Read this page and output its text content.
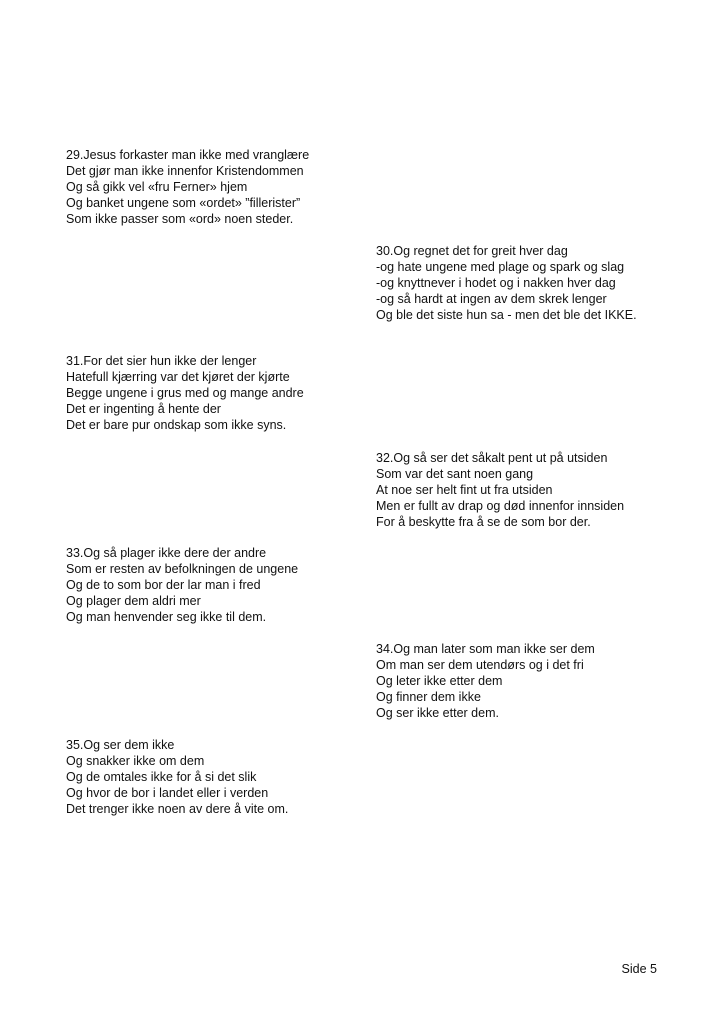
29.Jesus forkaster man ikke med vranglære
Det gjør man ikke innenfor Kristendommen
Og så gikk vel «fru Ferner» hjem
Og banket ungene som «ordet» ”fillerister”
Som ikke passer som «ord» noen steder.
30.Og regnet det for greit hver dag
-og hate ungene med plage og spark og slag
-og knyttnever i hodet og i nakken hver dag
-og så hardt at ingen av dem skrek lenger
Og ble det siste hun sa - men det ble det IKKE.
31.For det sier hun ikke der lenger
Hatefull kjærring var det kjøret der kjørte
Begge ungene i grus med og mange andre
Det er ingenting å hente der
Det er bare pur ondskap som ikke syns.
32.Og så ser det såkalt pent ut på utsiden
Som var det sant noen gang
At noe ser helt fint ut fra utsiden
Men er fullt av drap og død innenfor innsiden
For å beskytte fra å se de som bor der.
33.Og så plager ikke dere der andre
Som er resten av befolkningen de ungene
Og de to som bor der lar man i fred
Og plager dem aldri mer
Og man henvender seg ikke til dem.
34.Og man later som man ikke ser dem
Om man ser dem utendørs og i det fri
Og leter ikke etter dem
Og finner dem ikke
Og ser ikke etter dem.
35.Og ser dem ikke
Og snakker ikke om dem
Og de omtales ikke for å si det slik
Og hvor de bor i landet eller i verden
Det trenger ikke noen av dere å vite om.
Side 5
